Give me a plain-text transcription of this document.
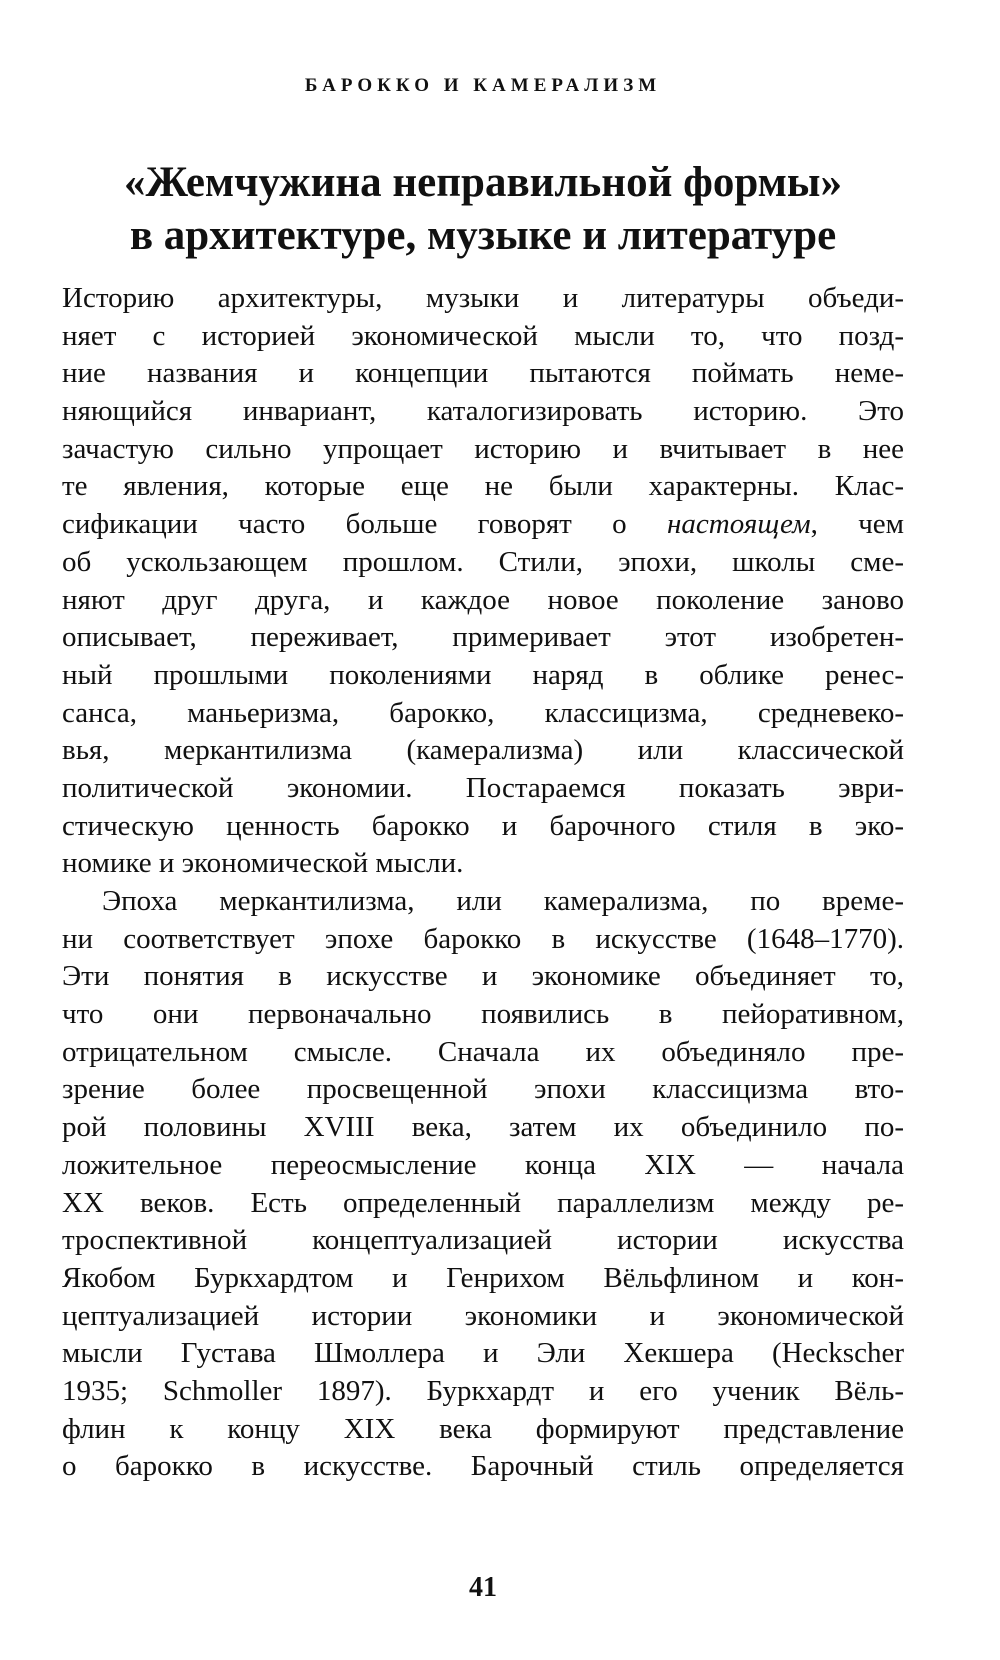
БАРОККО И КАМЕРАЛИЗМ
«Жемчужина неправильной формы»
в архитектуре, музыке и литературе
Историю архитектуры, музыки и литературы объеди-
няет с историей экономической мысли то, что позд-
ние названия и концепции пытаются поймать неме-
няющийся инвариант, каталогизировать историю. Это
зачастую сильно упрощает историю и вчитывает в нее
те явления, которые еще не были характерны. Клас-
сификации часто больше говорят о настоящем, чем
об ускользающем прошлом. Стили, эпохи, школы сме-
няют друг друга, и каждое новое поколение заново
описывает, переживает, примеривает этот изобретен-
ный прошлыми поколениями наряд в облике ренес-
санса, маньеризма, барокко, классицизма, средневеко-
вья, меркантилизма (камерализма) или классической
политической экономии. Постараемся показать эври-
стическую ценность барокко и барочного стиля в эко-
номике и экономической мысли.
Эпоха меркантилизма, или камерализма, по време-
ни соответствует эпохе барокко в искусстве (1648–1770).
Эти понятия в искусстве и экономике объединяет то,
что они первоначально появились в пейоративном,
отрицательном смысле. Сначала их объединяло пре-
зрение более просвещенной эпохи классицизма вто-
рой половины XVIII века, затем их объединило по-
ложительное переосмысление конца XIX — начала
XX веков. Есть определенный параллелизм между ре-
троспективной концептуализацией истории искусства
Якобом Буркхардтом и Генрихом Вёльфлином и кон-
цептуализацией истории экономики и экономической
мысли Густава Шмоллера и Эли Хекшера (Heckscher
1935; Schmoller 1897). Буркхардт и его ученик Вёль-
флин к концу XIX века формируют представление
о барокко в искусстве. Барочный стиль определяется
41
